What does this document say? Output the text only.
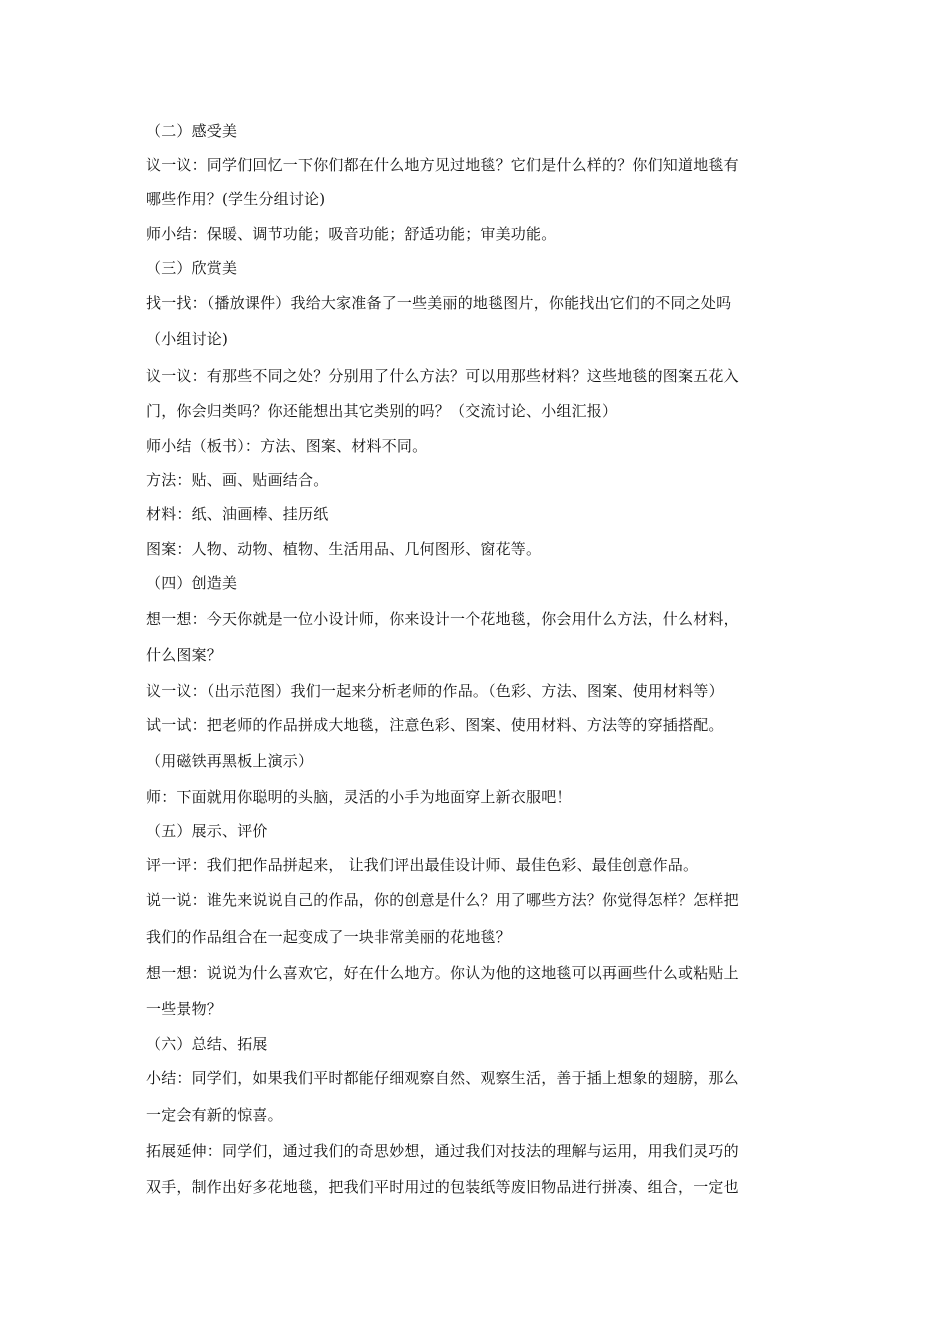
（二）感受美
议一议：同学们回忆一下你们都在什么地方见过地毯？它们是什么样的？你们知道地毯有
哪些作用？(学生分组讨论)
师小结：保暖、调节功能；吸音功能；舒适功能；审美功能。
（三）欣赏美
找一找：（播放课件）我给大家准备了一些美丽的地毯图片，你能找出它们的不同之处吗
（小组讨论)
议一议：有那些不同之处？分别用了什么方法？可以用那些材料？这些地毯的图案五花入
门，你会归类吗？你还能想出其它类别的吗？（交流讨论、小组汇报）
师小结（板书）：方法、图案、材料不同。
方法：贴、画、贴画结合。
材料：纸、油画棒、挂历纸
图案：人物、动物、植物、生活用品、几何图形、窗花等。
（四）创造美
想一想：今天你就是一位小设计师，你来设计一个花地毯，你会用什么方法，什么材料，
什么图案？
议一议：（出示范图）我们一起来分析老师的作品。（色彩、方法、图案、使用材料等）
试一试：把老师的作品拼成大地毯，注意色彩、图案、使用材料、方法等的穿插搭配。
（用磁铁再黑板上演示）
师：下面就用你聪明的头脑，灵活的小手为地面穿上新衣服吧！
（五）展示、评价
评一评：我们把作品拼起来， 让我们评出最佳设计师、最佳色彩、最佳创意作品。
说一说：谁先来说说自己的作品，你的创意是什么？用了哪些方法？你觉得怎样？怎样把
我们的作品组合在一起变成了一块非常美丽的花地毯？
想一想：说说为什么喜欢它，好在什么地方。你认为他的这地毯可以再画些什么或粘贴上
一些景物？
（六）总结、拓展
小结：同学们，如果我们平时都能仔细观察自然、观察生活，善于插上想象的翅膀，那么
一定会有新的惊喜。
拓展延伸：同学们，通过我们的奇思妙想，通过我们对技法的理解与运用，用我们灵巧的
双手，制作出好多花地毯，把我们平时用过的包装纸等废旧物品进行拼凑、组合，一定也
